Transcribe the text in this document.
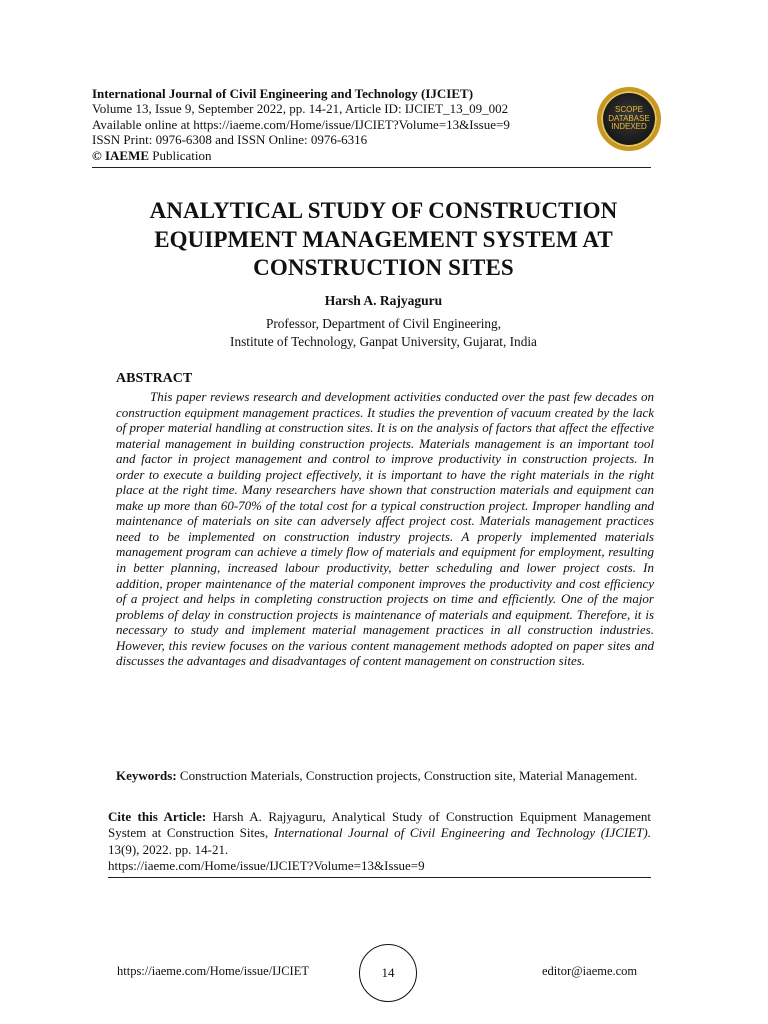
International Journal of Civil Engineering and Technology (IJCIET)
Volume 13, Issue 9, September 2022, pp. 14-21, Article ID: IJCIET_13_09_002
Available online at https://iaeme.com/Home/issue/IJCIET?Volume=13&Issue=9
ISSN Print: 0976-6308 and ISSN Online: 0976-6316
© IAEME Publication
SCOPE
DATABASE
INDEXED
ANALYTICAL STUDY OF CONSTRUCTION
EQUIPMENT MANAGEMENT SYSTEM AT
CONSTRUCTION SITES
Harsh A. Rajyaguru
Professor, Department of Civil Engineering,
Institute of Technology, Ganpat University, Gujarat, India
ABSTRACT
This paper reviews research and development activities conducted over the past few decades on construction equipment management practices. It studies the prevention of vacuum created by the lack of proper material handling at construction sites. It is on the analysis of factors that affect the effective material management in building construction projects. Materials management is an important tool and factor in project management and control to improve productivity in construction projects. In order to execute a building project effectively, it is important to have the right materials in the right place at the right time. Many researchers have shown that construction materials and equipment can make up more than 60-70% of the total cost for a typical construction project. Improper handling and maintenance of materials on site can adversely affect project cost. Materials management practices need to be implemented on construction industry projects. A properly implemented materials management program can achieve a timely flow of materials and equipment for employment, resulting in better planning, increased labour productivity, better scheduling and lower project costs. In addition, proper maintenance of the material component improves the productivity and cost efficiency of a project and helps in completing construction projects on time and efficiently. One of the major problems of delay in construction projects is maintenance of materials and equipment. Therefore, it is necessary to study and implement material management practices in all construction industries. However, this review focuses on the various content management methods adopted on paper sites and discusses the advantages and disadvantages of content management on construction sites.
Keywords: Construction Materials, Construction projects, Construction site, Material Management.
Cite this Article: Harsh A. Rajyaguru, Analytical Study of Construction Equipment Management System at Construction Sites, International Journal of Civil Engineering and Technology (IJCIET). 13(9), 2022. pp. 14-21.
https://iaeme.com/Home/issue/IJCIET?Volume=13&Issue=9
https://iaeme.com/Home/issue/IJCIET	14	editor@iaeme.com
